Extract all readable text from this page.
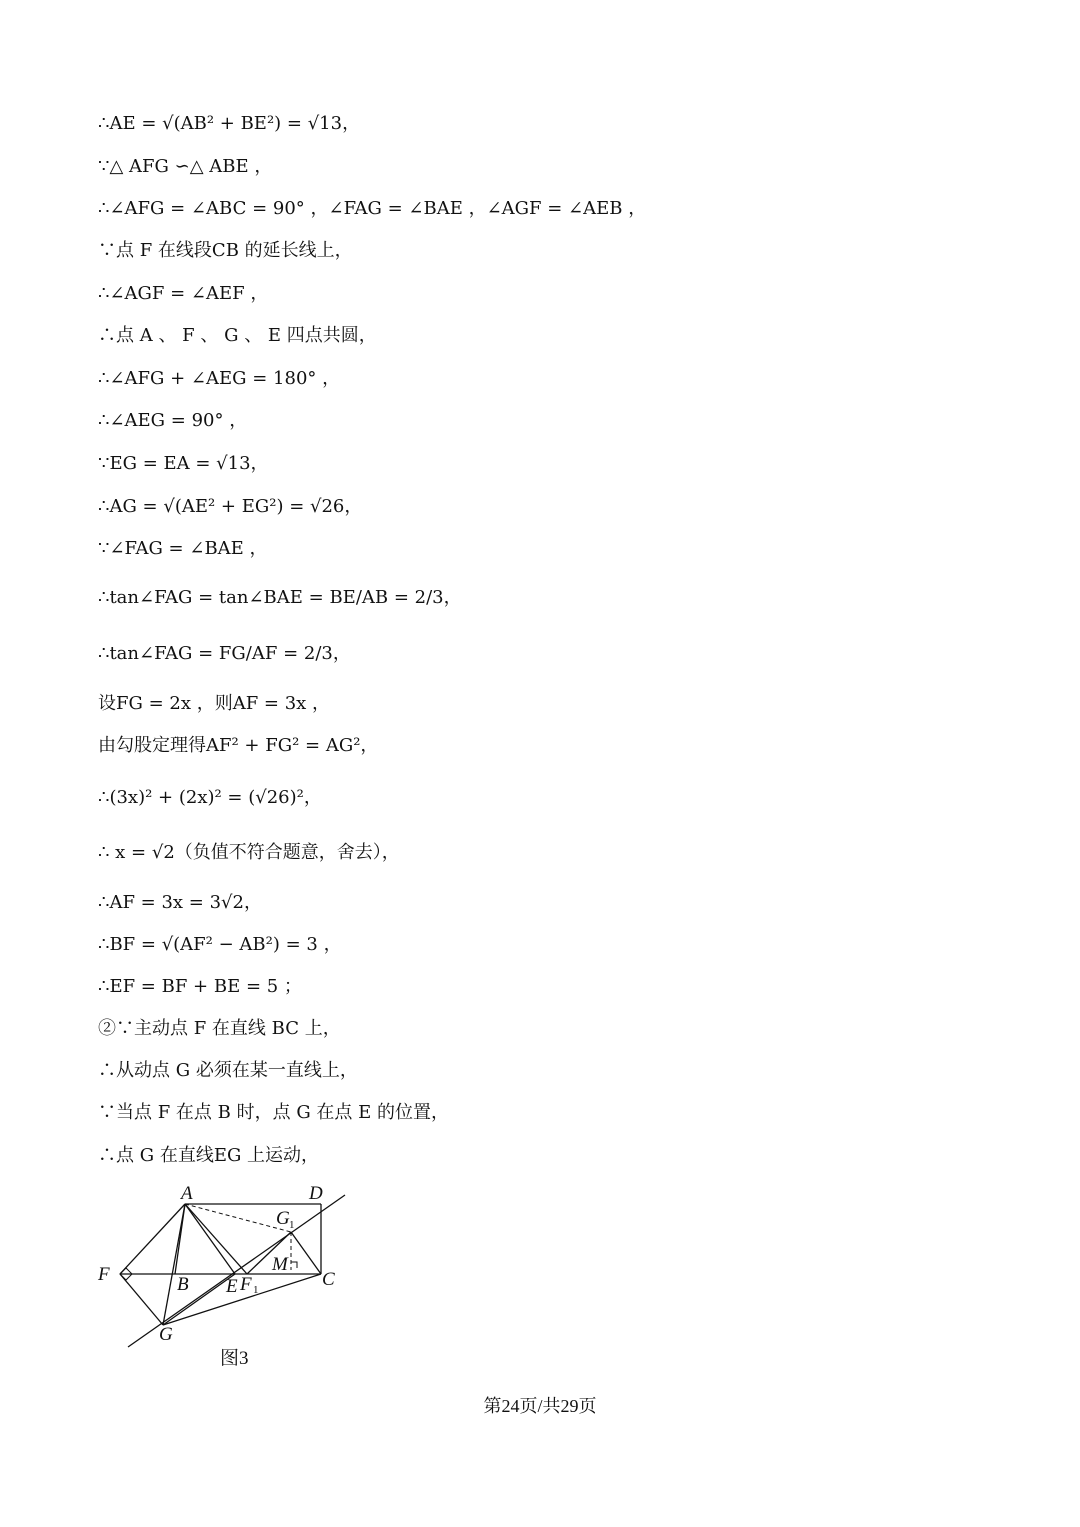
∴AE = √(AB² + BE²) = √13，
∵△ AFG ∽△ ABE ，
∴∠AFG = ∠ABC = 90° ，∠FAG = ∠BAE ，∠AGF = ∠AEB ，
∵点 F 在线段CB 的延长线上，
∴∠AGF = ∠AEF ，
∴点 A 、 F 、 G 、 E 四点共圆，
∴∠AFG + ∠AEG = 180° ，
∴∠AEG = 90° ，
∵EG = EA = √13，
∴AG = √(AE² + EG²) = √26，
∵∠FAG = ∠BAE ，
∴tan∠FAG = tan∠BAE = BE/AB = 2/3，
∴tan∠FAG = FG/AF = 2/3，
设FG = 2x ，则AF = 3x ，
由勾股定理得AF² + FG² = AG²，
∴(3x)² + (2x)² = (√26)²，
∴ x = √2（负值不符合题意，舍去），
∴AF = 3x = 3√2，
∴BF = √(AF² − AB²) = 3 ，
∴EF = BF + BE = 5 ；
②∵主动点 F 在直线 BC 上，
∴从动点 G 必须在某一直线上，
∵当点 F 在点 B 时，点 G 在点 E 的位置，
∴点 G 在直线EG 上运动，
A	D
G 1
F	M
B E F 1	C
G
图3
第24页/共29页
